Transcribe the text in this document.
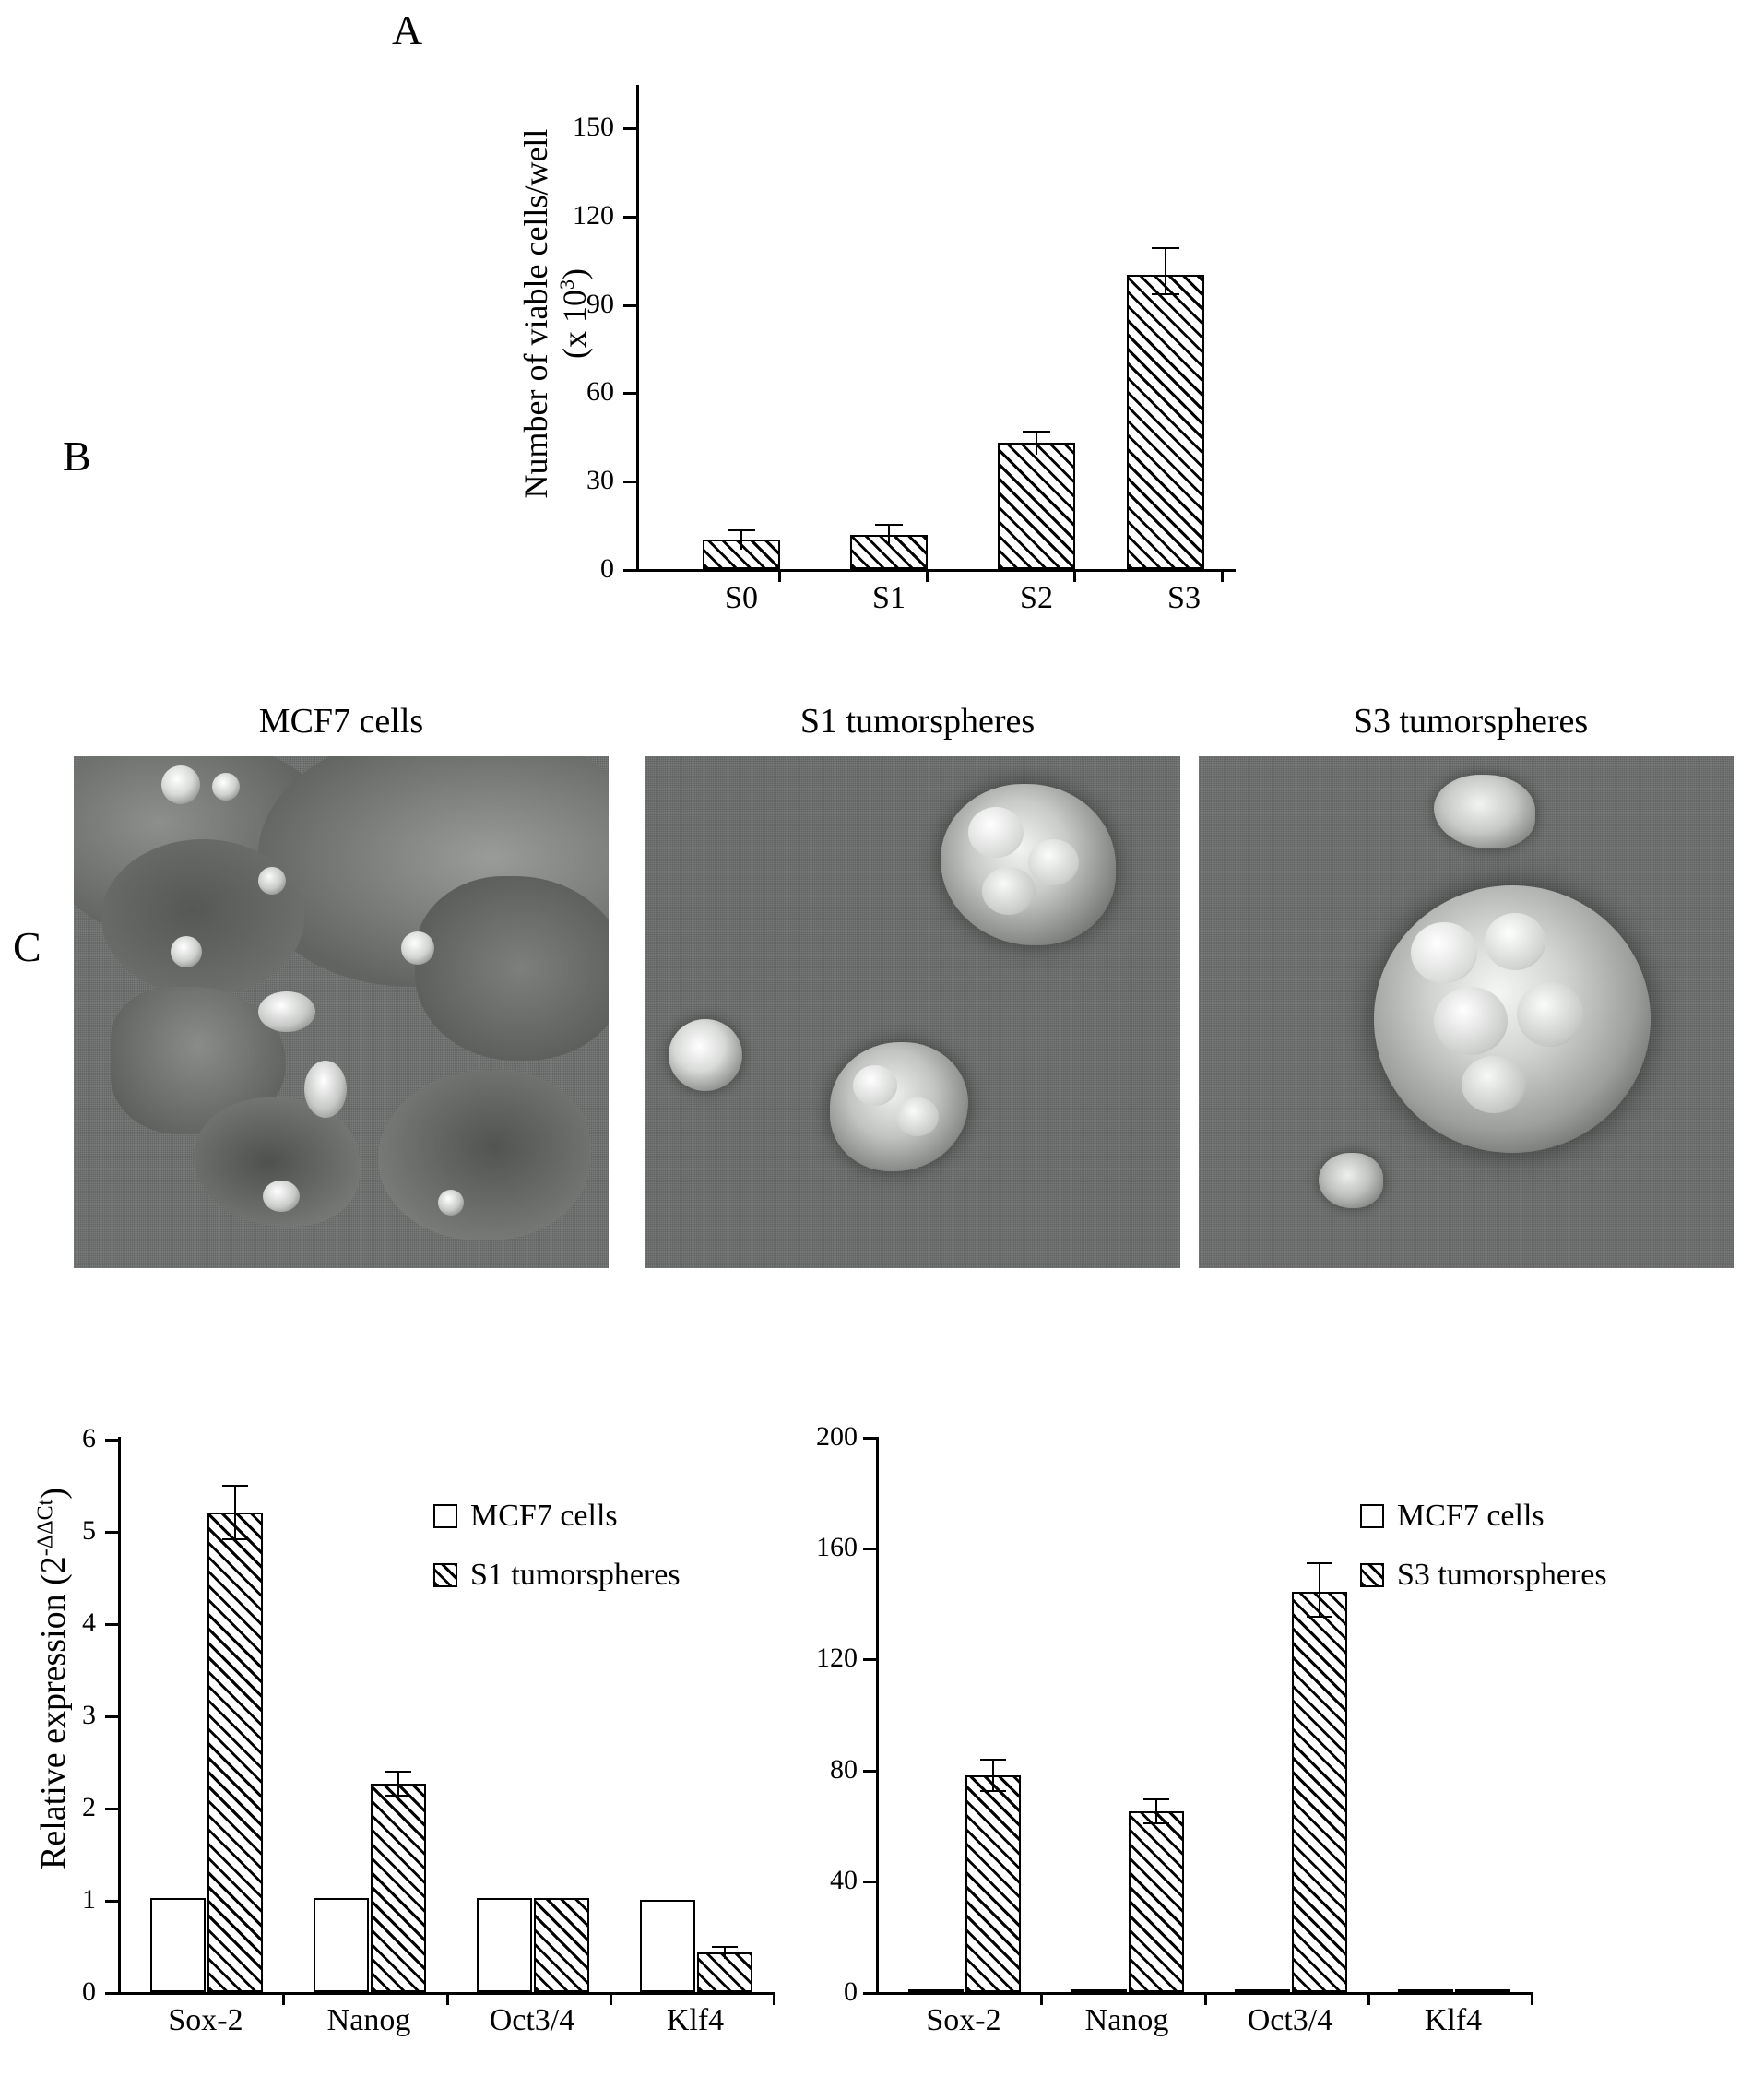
A
Number of viable cells/well
(x $10^3$)
150
120
90
60
30
0
S0	S1	S2	S3
B
MCF7 cells	S1 tumorspheres	S3 tumorspheres
C
Relative expression $(2^{-\Delta\Delta Ct})$
0
1
2
3
4
5
6
Sox-2	Nanog	Oct3/4	Klf4
MCF7 cells
S1 tumorspheres
0
40
80
120
160
200
Sox-2	Nanog	Oct3/4	Klf4
MCF7 cells
S3 tumorspheres
